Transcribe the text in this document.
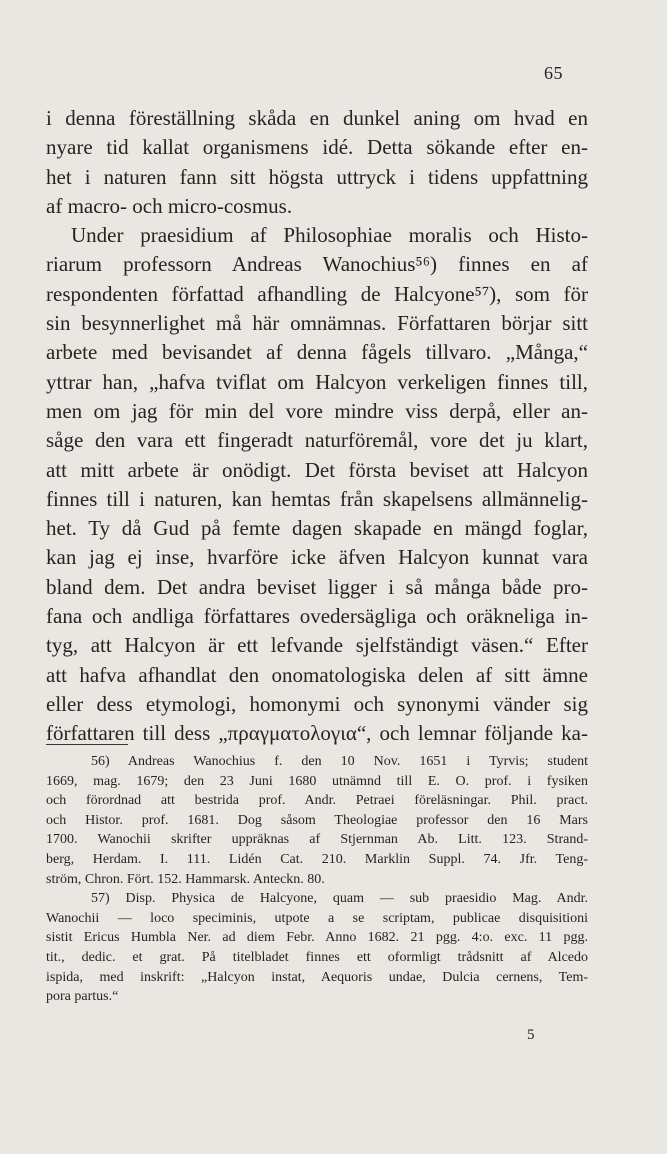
65
i denna föreställning skåda en dunkel aning om hvad en
nyare tid kallat organismens idé. Detta sökande efter en-
het i naturen fann sitt högsta uttryck i tidens uppfattning
af macro- och micro-cosmus.
Under praesidium af Philosophiae moralis och Histo-
riarum professorn Andreas Wanochius⁵⁶) finnes en af
respondenten författad afhandling de Halcyone⁵⁷), som för
sin besynnerlighet må här omnämnas. Författaren börjar sitt
arbete med bevisandet af denna fågels tillvaro. „Många,“
yttrar han, „hafva tviflat om Halcyon verkeligen finnes till,
men om jag för min del vore mindre viss derpå, eller an-
såge den vara ett fingeradt naturföremål, vore det ju klart,
att mitt arbete är onödigt. Det första beviset att Halcyon
finnes till i naturen, kan hemtas från skapelsens allmännelig-
het. Ty då Gud på femte dagen skapade en mängd foglar,
kan jag ej inse, hvarföre icke äfven Halcyon kunnat vara
bland dem. Det andra beviset ligger i så många både pro-
fana och andliga författares ovedersägliga och oräkneliga in-
tyg, att Halcyon är ett lefvande sjelfständigt väsen.“ Efter
att hafva afhandlat den onomatologiska delen af sitt ämne
eller dess etymologi, homonymi och synonymi vänder sig
författaren till dess „πραγματολογια“, och lemnar följande ka-
56) Andreas Wanochius f. den 10 Nov. 1651 i Tyrvis; student
1669, mag. 1679; den 23 Juni 1680 utnämnd till E. O. prof. i fysiken
och förordnad att bestrida prof. Andr. Petraei föreläsningar. Phil. pract.
och Histor. prof. 1681. Dog såsom Theologiae professor den 16 Mars
1700. Wanochii skrifter uppräknas af Stjernman Ab. Litt. 123. Strand-
berg, Herdam. I. 111. Lidén Cat. 210. Marklin Suppl. 74. Jfr. Teng-
ström, Chron. Fört. 152. Hammarsk. Anteckn. 80.
57) Disp. Physica de Halcyone, quam — sub praesidio Mag. Andr.
Wanochii — loco speciminis, utpote a se scriptam, publicae disquisitioni
sistit Ericus Humbla Ner. ad diem Febr. Anno 1682. 21 pgg. 4:o. exc. 11 pgg.
tit., dedic. et grat. På titelbladet finnes ett oformligt trådsnitt af Alcedo
ispida, med inskrift: „Halcyon instat, Aequoris undae, Dulcia cernens, Tem-
pora partus.“
5
